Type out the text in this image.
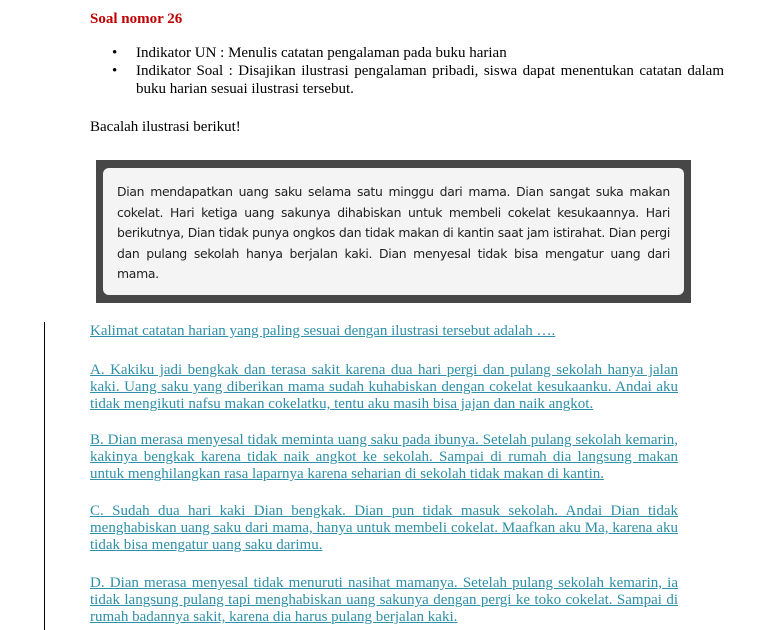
Soal nomor 26
• Indikator UN : Menulis catatan pengalaman pada buku harian
• Indikator Soal : Disajikan ilustrasi pengalaman pribadi, siswa dapat menentukan catatan dalam buku harian sesuai ilustrasi tersebut.
Bacalah ilustrasi berikut!
Dian mendapatkan uang saku selama satu minggu dari mama. Dian sangat suka makan cokelat. Hari ketiga uang sakunya dihabiskan untuk membeli cokelat kesukaannya. Hari berikutnya, Dian tidak punya ongkos dan tidak makan di kantin saat jam istirahat. Dian pergi dan pulang sekolah hanya berjalan kaki. Dian menyesal tidak bisa mengatur uang dari mama.
Kalimat catatan harian yang paling sesuai dengan ilustrasi tersebut adalah ….
A. Kakiku jadi bengkak dan terasa sakit karena dua hari pergi dan pulang sekolah hanya jalan kaki. Uang saku yang diberikan mama sudah kuhabiskan dengan cokelat kesukaanku. Andai aku tidak mengikuti nafsu makan cokelatku, tentu aku masih bisa jajan dan naik angkot.
B. Dian merasa menyesal tidak meminta uang saku pada ibunya. Setelah pulang sekolah kemarin, kakinya bengkak karena tidak naik angkot ke sekolah. Sampai di rumah dia langsung makan untuk menghilangkan rasa laparnya karena seharian di sekolah tidak makan di kantin.
C. Sudah dua hari kaki Dian bengkak. Dian pun tidak masuk sekolah. Andai Dian tidak menghabiskan uang saku dari mama, hanya untuk membeli cokelat. Maafkan aku Ma, karena aku tidak bisa mengatur uang saku darimu.
D. Dian merasa menyesal tidak menuruti nasihat mamanya. Setelah pulang sekolah kemarin, ia tidak langsung pulang tapi menghabiskan uang sakunya dengan pergi ke toko cokelat. Sampai di rumah badannya sakit, karena dia harus pulang berjalan kaki.
